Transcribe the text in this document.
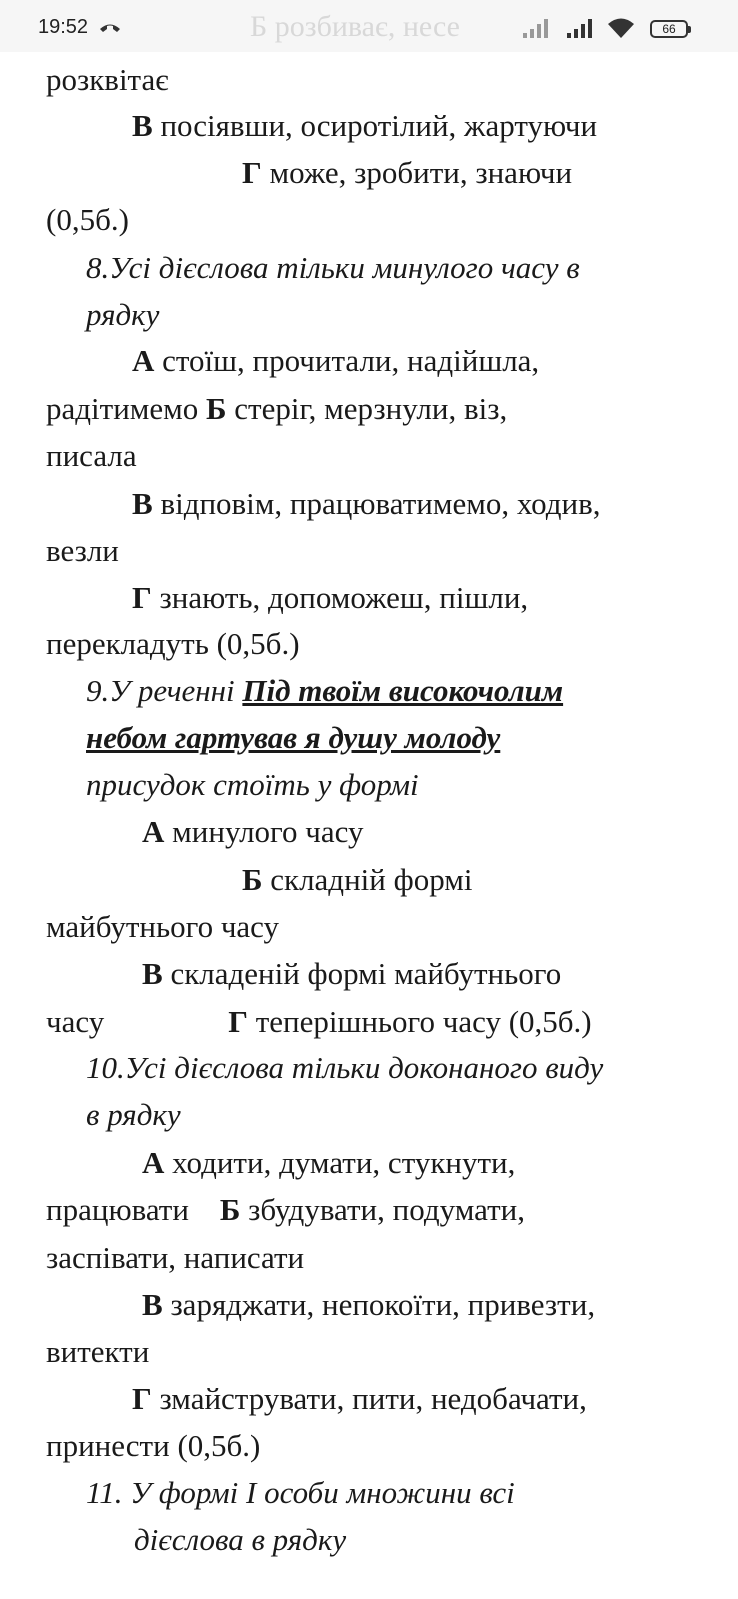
розквітає
В посіявши, осиротілий, жартуючи
Г може, зробити, знаючи
(0,5б.)
8.Усі дієслова тільки минулого часу в
рядку
А стоїш, прочитали, надійшла,
радітимемо Б стеріг, мерзнули, віз,
писала
В відповім, працюватимемо, ходив,
везли
Г знають, допоможеш, пішли,
перекладуть (0,5б.)
9.У реченні Під твоїм високочолим
небом гартував я душу молоду
присудок стоїть у формі
А минулого часу
Б складній формі
майбутнього часу
В складеній формі майбутнього
часу                Г теперішнього часу (0,5б.)
10.Усі дієслова тільки доконаного виду
в рядку
А ходити, думати, стукнути,
працювати    Б збудувати, подумати,
заспівати, написати
В заряджати, непокоїти, привезти,
витекти
Г змайструвати, пити, недобачати,
принести (0,5б.)
11. У формі І особи множини всі
дієслова в рядку
19:52	Б розбиває, несе	66
